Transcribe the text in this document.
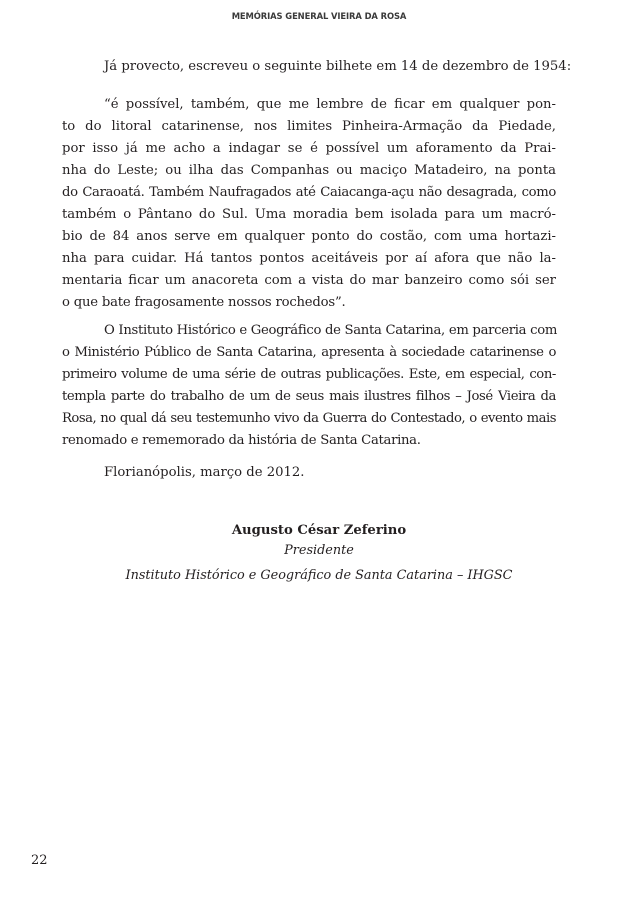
MEMÓRIAS GENERAL VIEIRA DA ROSA
Já provecto, escreveu o seguinte bilhete em 14 de dezembro de 1954:
“é possível, também, que me lembre de ficar em qualquer pon-
to do litoral catarinense, nos limites Pinheira-Armação da Piedade,
por isso já me acho a indagar se é possível um aforamento da Prai-
nha do Leste; ou ilha das Companhas ou maciço Matadeiro, na ponta
do Caraoatá. Também Naufragados até Caiacanga-açu não desagrada, como
também o Pântano do Sul. Uma moradia bem isolada para um macró-
bio de 84 anos serve em qualquer ponto do costão, com uma hortazi-
nha para cuidar. Há tantos pontos aceitáveis por aí afora que não la-
mentaria ficar um anacoreta com a vista do mar banzeiro como sói ser
o que bate fragosamente nossos rochedos”.
O Instituto Histórico e Geográfico de Santa Catarina, em parceria com
o Ministério Público de Santa Catarina, apresenta à sociedade catarinense o
primeiro volume de uma série de outras publicações. Este, em especial, con-
templa parte do trabalho de um de seus mais ilustres filhos – José Vieira da
Rosa, no qual dá seu testemunho vivo da Guerra do Contestado, o evento mais
renomado e rememorado da história de Santa Catarina.
Florianópolis, março de 2012.
Augusto César Zeferino
Presidente
Instituto Histórico e Geográfico de Santa Catarina – IHGSC
22
